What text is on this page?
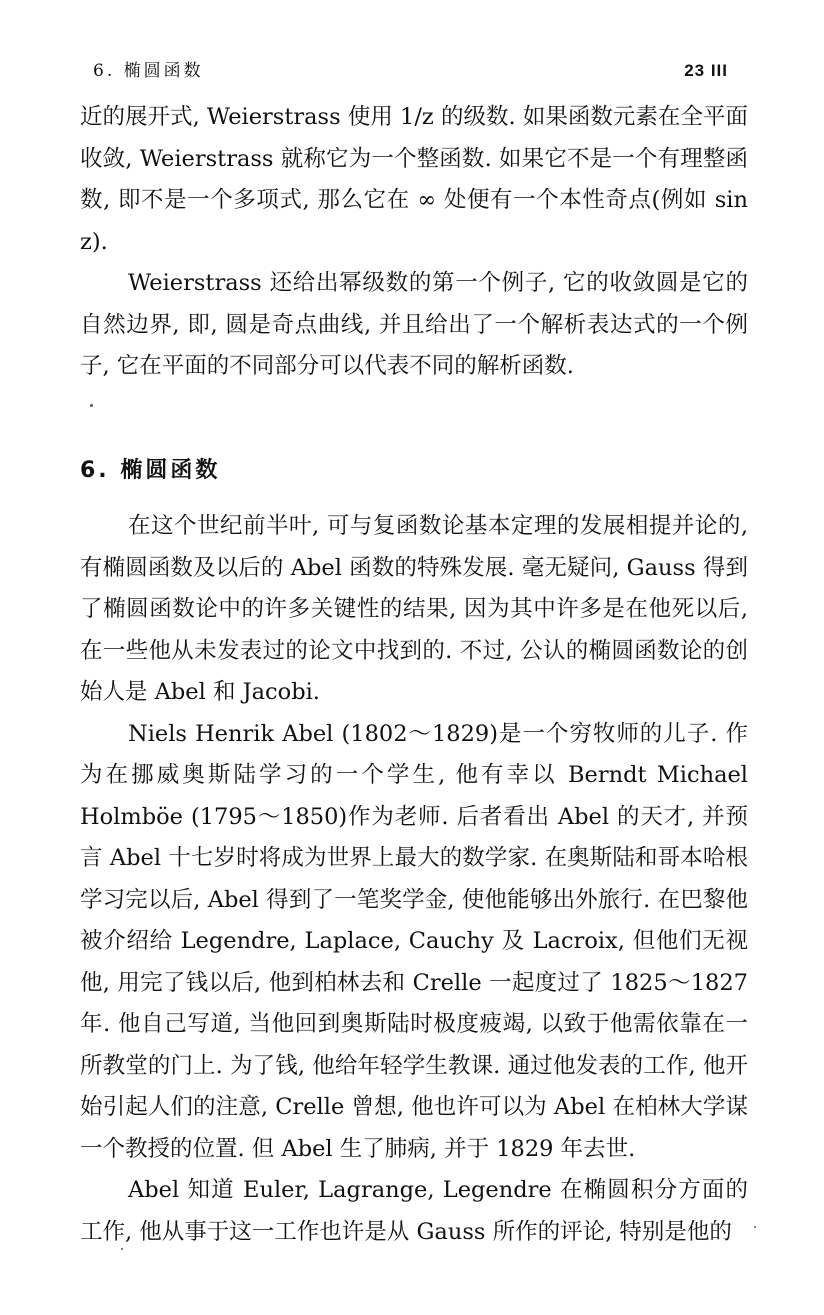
6. 椭圆函数	23 III

近的展开式, Weierstrass 使用 1/z 的级数. 如果函数元素在全平面收敛, Weierstrass 就称它为一个整函数. 如果它不是一个有理整函数, 即不是一个多项式, 那么它在 ∞ 处便有一个本性奇点(例如 sin z).

Weierstrass 还给出幂级数的第一个例子, 它的收敛圆是它的自然边界, 即, 圆是奇点曲线, 并且给出了一个解析表达式的一个例子, 它在平面的不同部分可以代表不同的解析函数.

6. 椭圆函数

在这个世纪前半叶, 可与复函数论基本定理的发展相提并论的, 有椭圆函数及以后的 Abel 函数的特殊发展. 毫无疑问, Gauss 得到了椭圆函数论中的许多关键性的结果, 因为其中许多是在他死以后, 在一些他从未发表过的论文中找到的. 不过, 公认的椭圆函数论的创始人是 Abel 和 Jacobi.

Niels Henrik Abel (1802～1829)是一个穷牧师的儿子. 作为在挪威奥斯陆学习的一个学生, 他有幸以 Berndt Michael Holmböe (1795～1850)作为老师. 后者看出 Abel 的天才, 并预言 Abel 十七岁时将成为世界上最大的数学家. 在奥斯陆和哥本哈根学习完以后, Abel 得到了一笔奖学金, 使他能够出外旅行. 在巴黎他被介绍给 Legendre, Laplace, Cauchy 及 Lacroix, 但他们无视他, 用完了钱以后, 他到柏林去和 Crelle 一起度过了 1825～1827 年. 他自己写道, 当他回到奥斯陆时极度疲竭, 以致于他需依靠在一所教堂的门上. 为了钱, 他给年轻学生教课. 通过他发表的工作, 他开始引起人们的注意, Crelle 曾想, 他也许可以为 Abel 在柏林大学谋一个教授的位置. 但 Abel 生了肺病, 并于 1829 年去世.

Abel 知道 Euler, Lagrange, Legendre 在椭圆积分方面的工作, 他从事于这一工作也许是从 Gauss 所作的评论, 特别是他的
